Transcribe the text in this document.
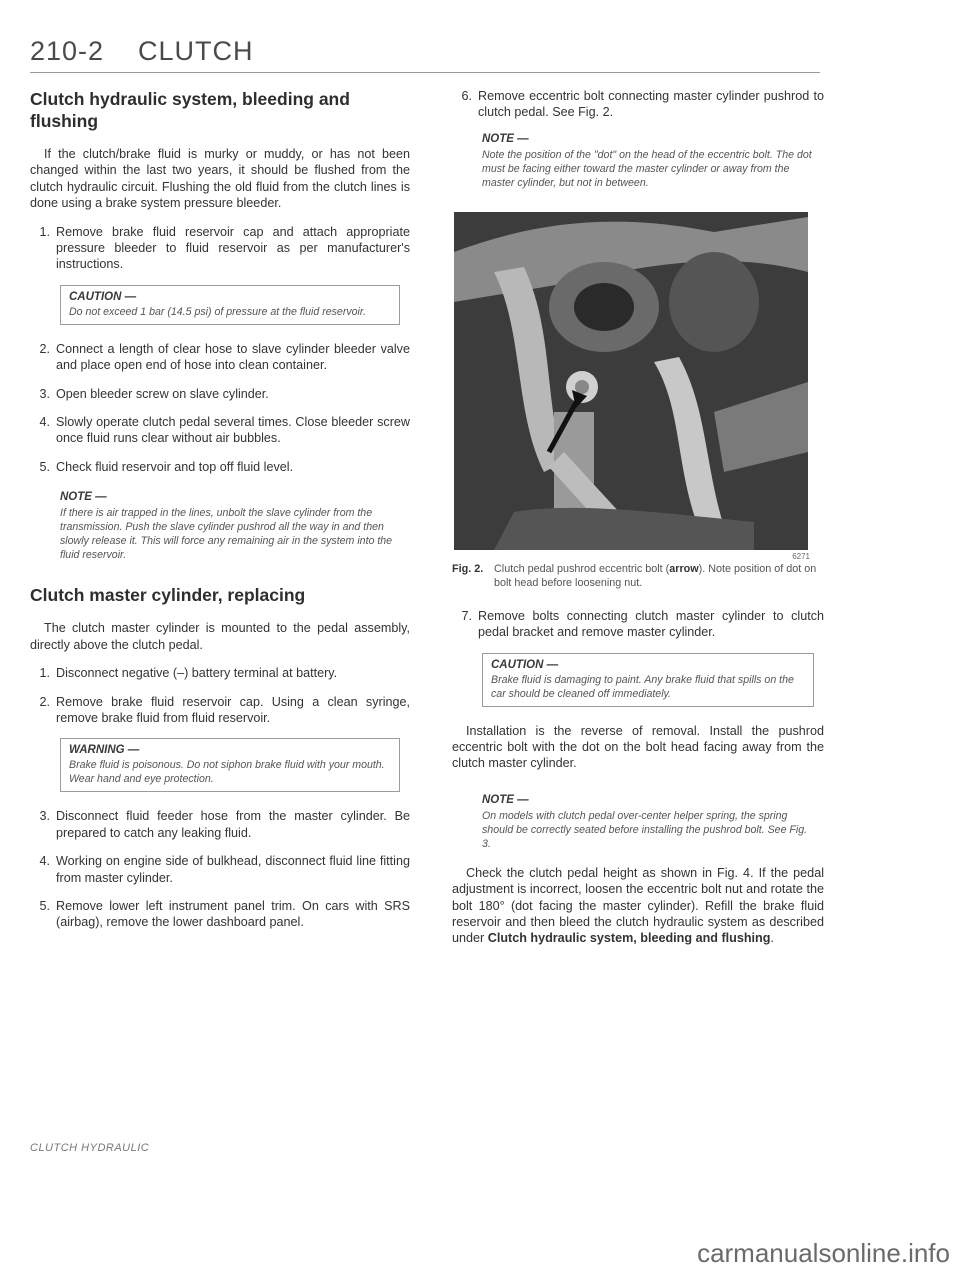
210-2 CLUTCH
Clutch hydraulic system, bleeding and flushing

If the clutch/brake fluid is murky or muddy, or has not been changed within the last two years, it should be flushed from the clutch hydraulic circuit. Flushing the old fluid from the clutch lines is done using a brake system pressure bleeder.

1. Remove brake fluid reservoir cap and attach appropriate pressure bleeder to fluid reservoir as per manufacturer's instructions.
CAUTION —
Do not exceed 1 bar (14.5 psi) of pressure at the fluid reservoir.
2. Connect a length of clear hose to slave cylinder bleeder valve and place open end of hose into clean container.
3. Open bleeder screw on slave cylinder.
4. Slowly operate clutch pedal several times. Close bleeder screw once fluid runs clear without air bubbles.
5. Check fluid reservoir and top off fluid level.
NOTE —
If there is air trapped in the lines, unbolt the slave cylinder from the transmission. Push the slave cylinder pushrod all the way in and then slowly release it. This will force any remaining air in the system into the fluid reservoir.
Clutch master cylinder, replacing

The clutch master cylinder is mounted to the pedal assembly, directly above the clutch pedal.

1. Disconnect negative (–) battery terminal at battery.
2. Remove brake fluid reservoir cap. Using a clean syringe, remove brake fluid from fluid reservoir.
WARNING —
Brake fluid is poisonous. Do not siphon brake fluid with your mouth. Wear hand and eye protection.
3. Disconnect fluid feeder hose from the master cylinder. Be prepared to catch any leaking fluid.
4. Working on engine side of bulkhead, disconnect fluid line fitting from master cylinder.
5. Remove lower left instrument panel trim. On cars with SRS (airbag), remove the lower dashboard panel.
6. Remove eccentric bolt connecting master cylinder pushrod to clutch pedal. See Fig. 2.
NOTE —
Note the position of the "dot" on the head of the eccentric bolt. The dot must be facing either toward the master cylinder or away from the master cylinder, but not in between.
6271
Fig. 2. Clutch pedal pushrod eccentric bolt (arrow). Note position of dot on bolt head before loosening nut.
7. Remove bolts connecting clutch master cylinder to clutch pedal bracket and remove master cylinder.
CAUTION —
Brake fluid is damaging to paint. Any brake fluid that spills on the car should be cleaned off immediately.

Installation is the reverse of removal. Install the pushrod eccentric bolt with the dot on the bolt head facing away from the clutch master cylinder.

NOTE —
On models with clutch pedal over-center helper spring, the spring should be correctly seated before installing the pushrod bolt. See Fig. 3.

Check the clutch pedal height as shown in Fig. 4. If the pedal adjustment is incorrect, loosen the eccentric bolt nut and rotate the bolt 180° (dot facing the master cylinder). Refill the brake fluid reservoir and then bleed the clutch hydraulic system as described under Clutch hydraulic system, bleeding and flushing.

CLUTCH HYDRAULIC
carmanualsonline.info
